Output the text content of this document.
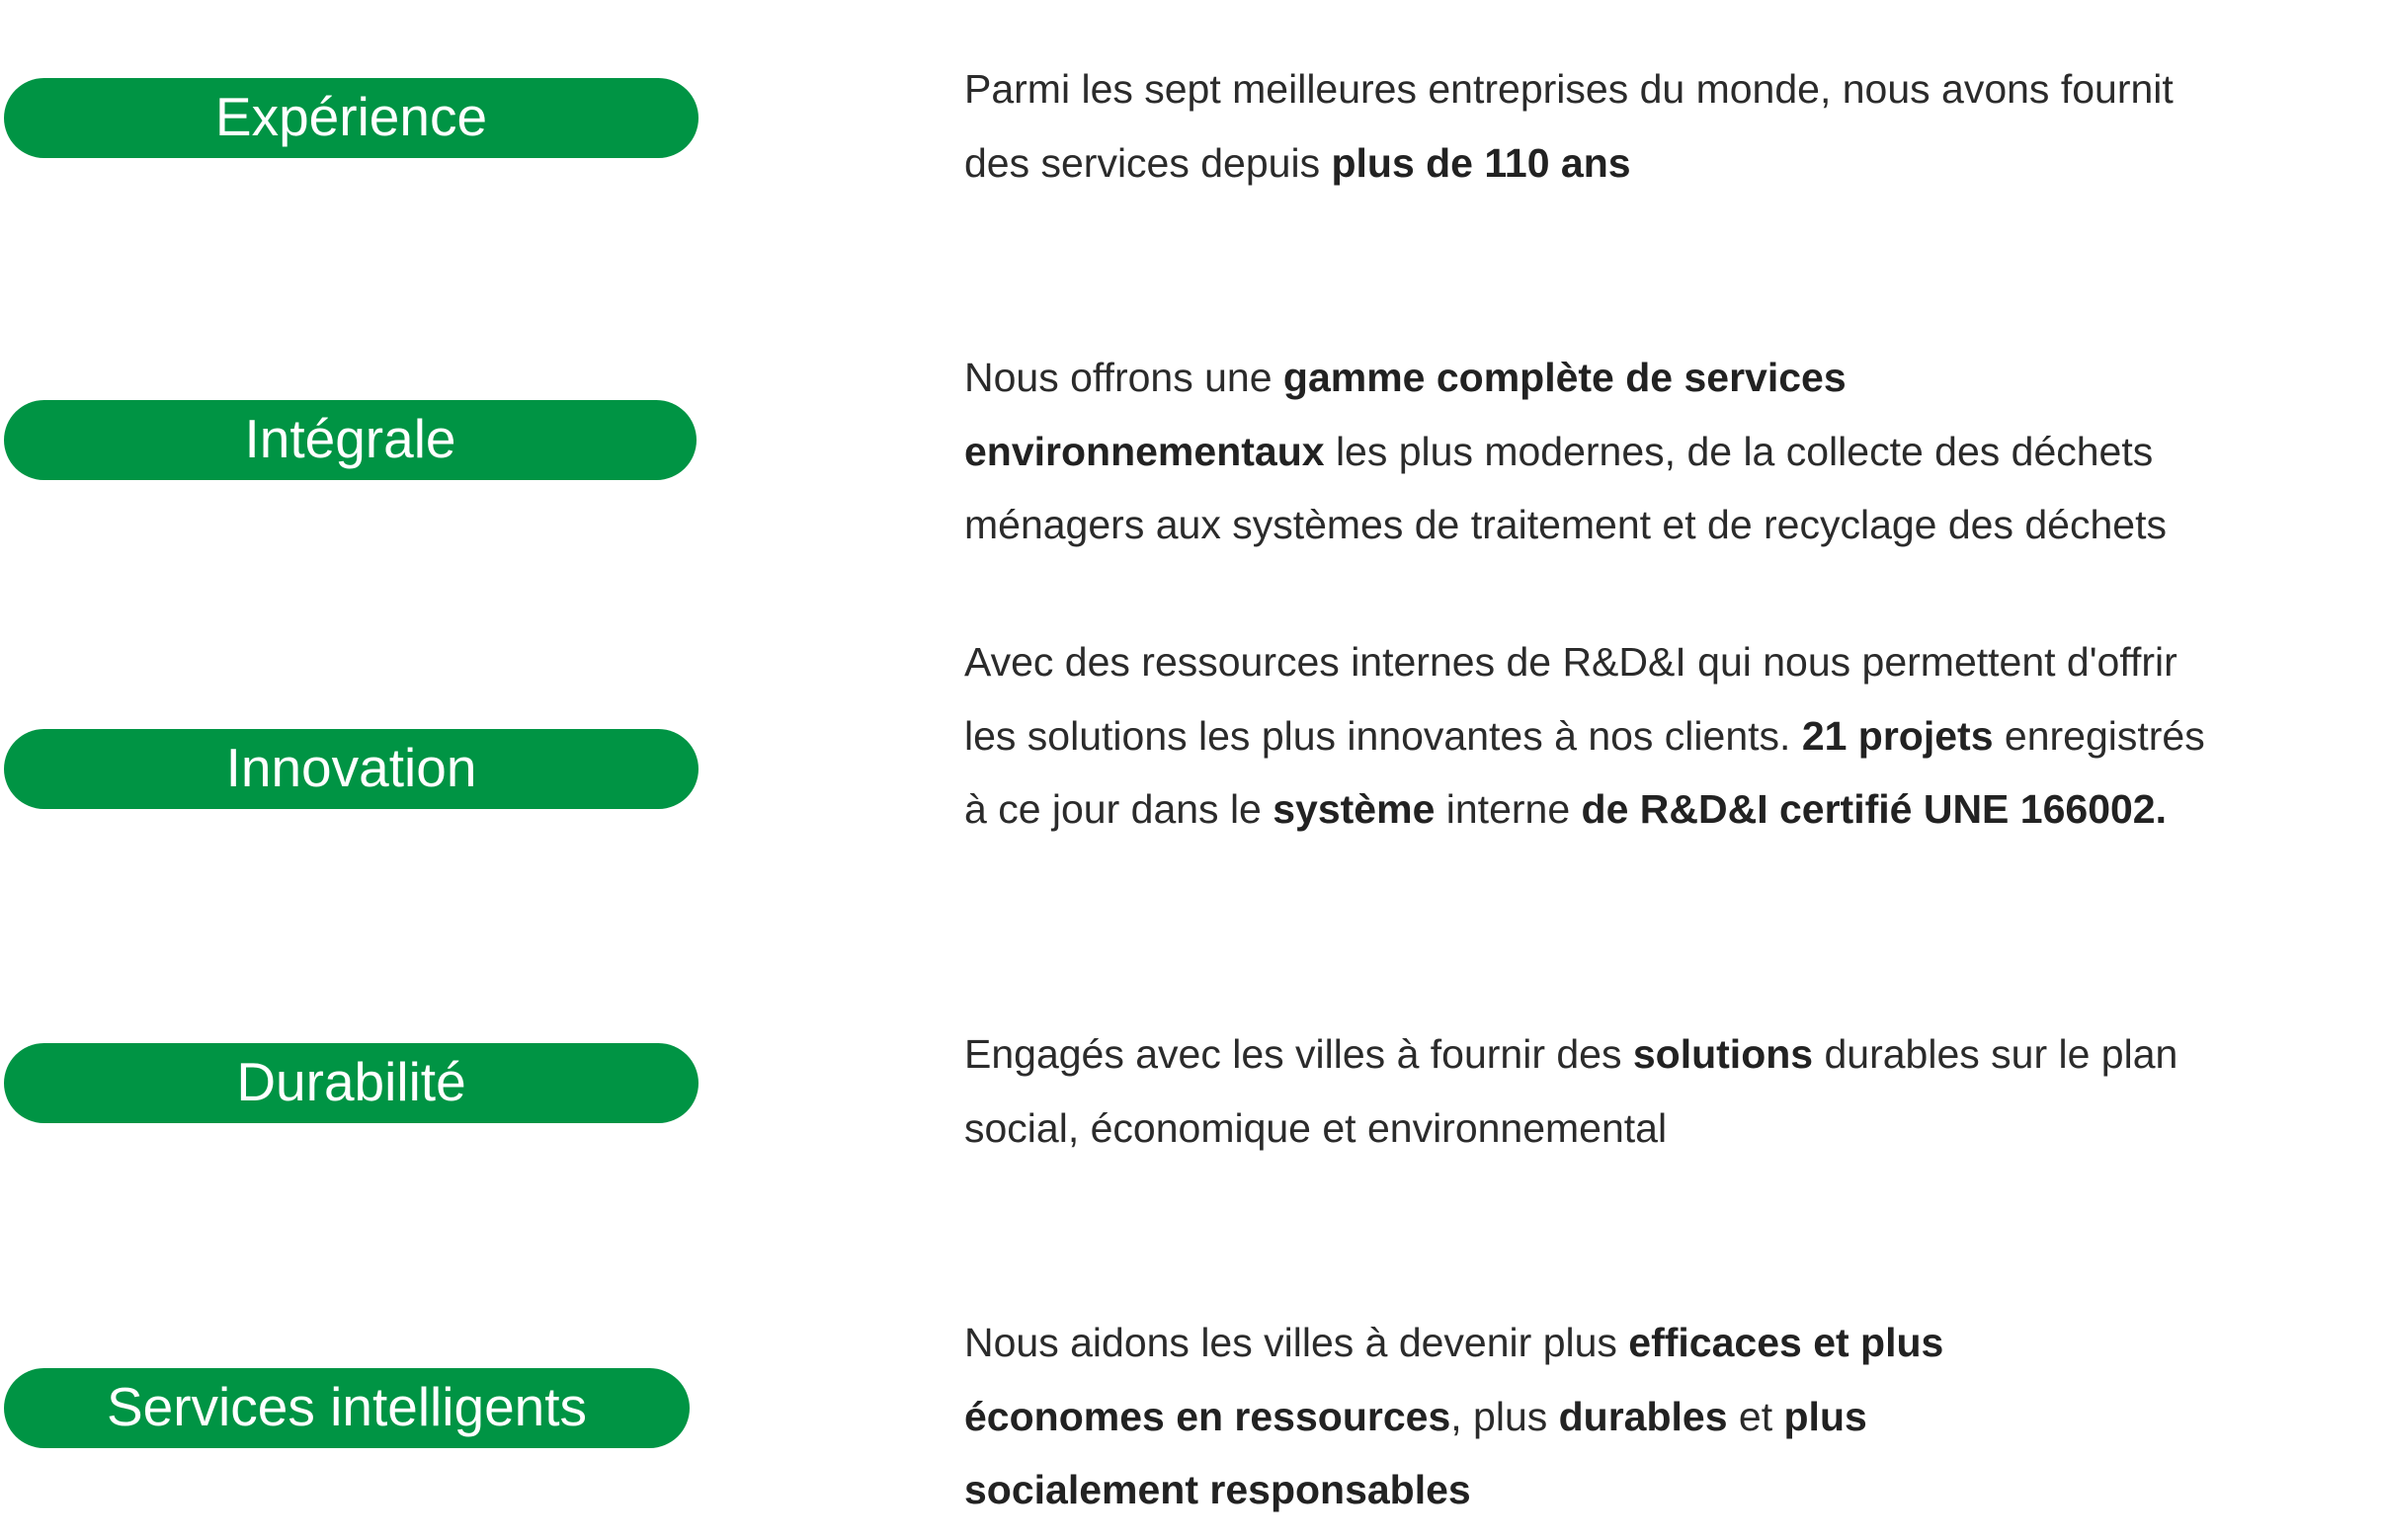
Expérience	Parmi les sept meilleures entreprises du monde, nous avons fournit des services depuis plus de 110 ans

Intégrale

Nous offrons une gamme complète de services environnementaux les plus modernes, de la collecte des déchets ménagers aux systèmes de traitement et de recyclage des déchets

Innovation

Avec des ressources internes de R&D&I qui nous permettent d'offrir les solutions les plus innovantes à nos clients. 21 projets enregistrés à ce jour dans le système interne de R&D&I certifié UNE 166002.

Durabilité	Engagés avec les villes à fournir des solutions durables sur le plan social, économique et environnemental

Services intelligents

Nous aidons les villes à devenir plus efficaces et plus économes en ressources, plus durables et plus socialement responsables
